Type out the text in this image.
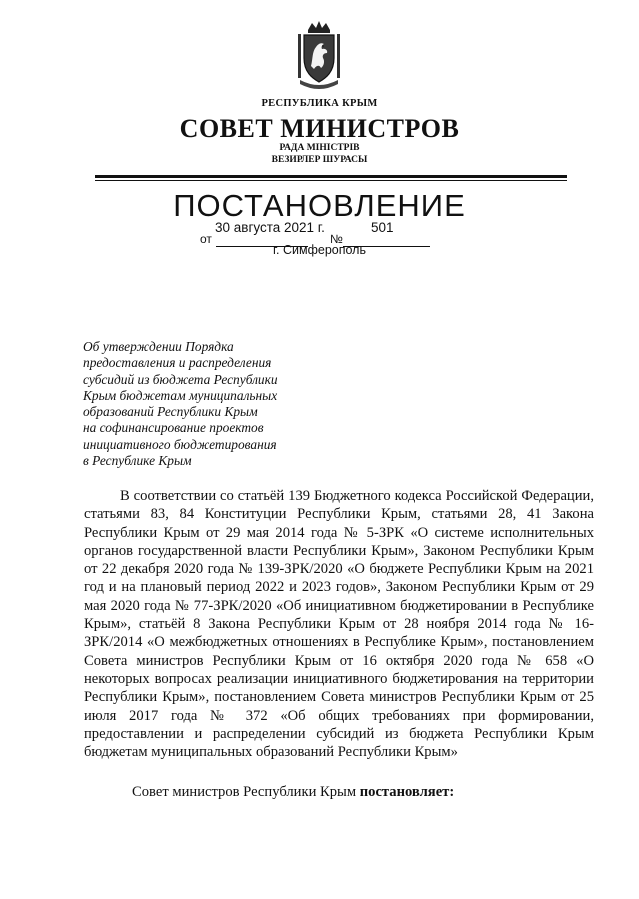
РЕСПУБЛИКА КРЫМ
СОВЕТ МИНИСТРОВ
РАДА МІНІСТРІВ
ВЕЗИРЛЕР ШУРАСЫ
ПОСТАНОВЛЕНИЕ
от
30 августа 2021 г.
№
501
г. Симферополь
Об утверждении Порядка
предоставления и распределения
субсидий из бюджета Республики
Крым бюджетам муниципальных
образований Республики Крым
на софинансирование проектов
инициативного бюджетирования
в Республике Крым
В соответствии со статьёй 139 Бюджетного кодекса Российской Федерации, статьями 83, 84 Конституции Республики Крым, статьями 28, 41 Закона Республики Крым от 29 мая 2014 года № 5-ЗРК «О системе исполнительных органов государственной власти Республики Крым», Законом Республики Крым от 22 декабря 2020 года № 139-ЗРК/2020 «О бюджете Республики Крым на 2021 год и на плановый период 2022 и 2023 годов», Законом Республики Крым от 29 мая 2020 года № 77-ЗРК/2020 «Об инициативном бюджетировании в Республике Крым», статьёй 8 Закона Республики Крым от 28 ноября 2014 года № 16-ЗРК/2014 «О межбюджетных отношениях в Республике Крым», постановлением Совета министров Республики Крым от 16 октября 2020 года № 658 «О некоторых вопросах реализации инициативного бюджетирования на территории Республики Крым», постановлением Совета министров Республики Крым от 25 июля 2017 года № 372 «Об общих требованиях при формировании, предоставлении и распределении субсидий из бюджета Республики Крым бюджетам муниципальных образований Республики Крым»
Совет министров Республики Крым постановляет:
